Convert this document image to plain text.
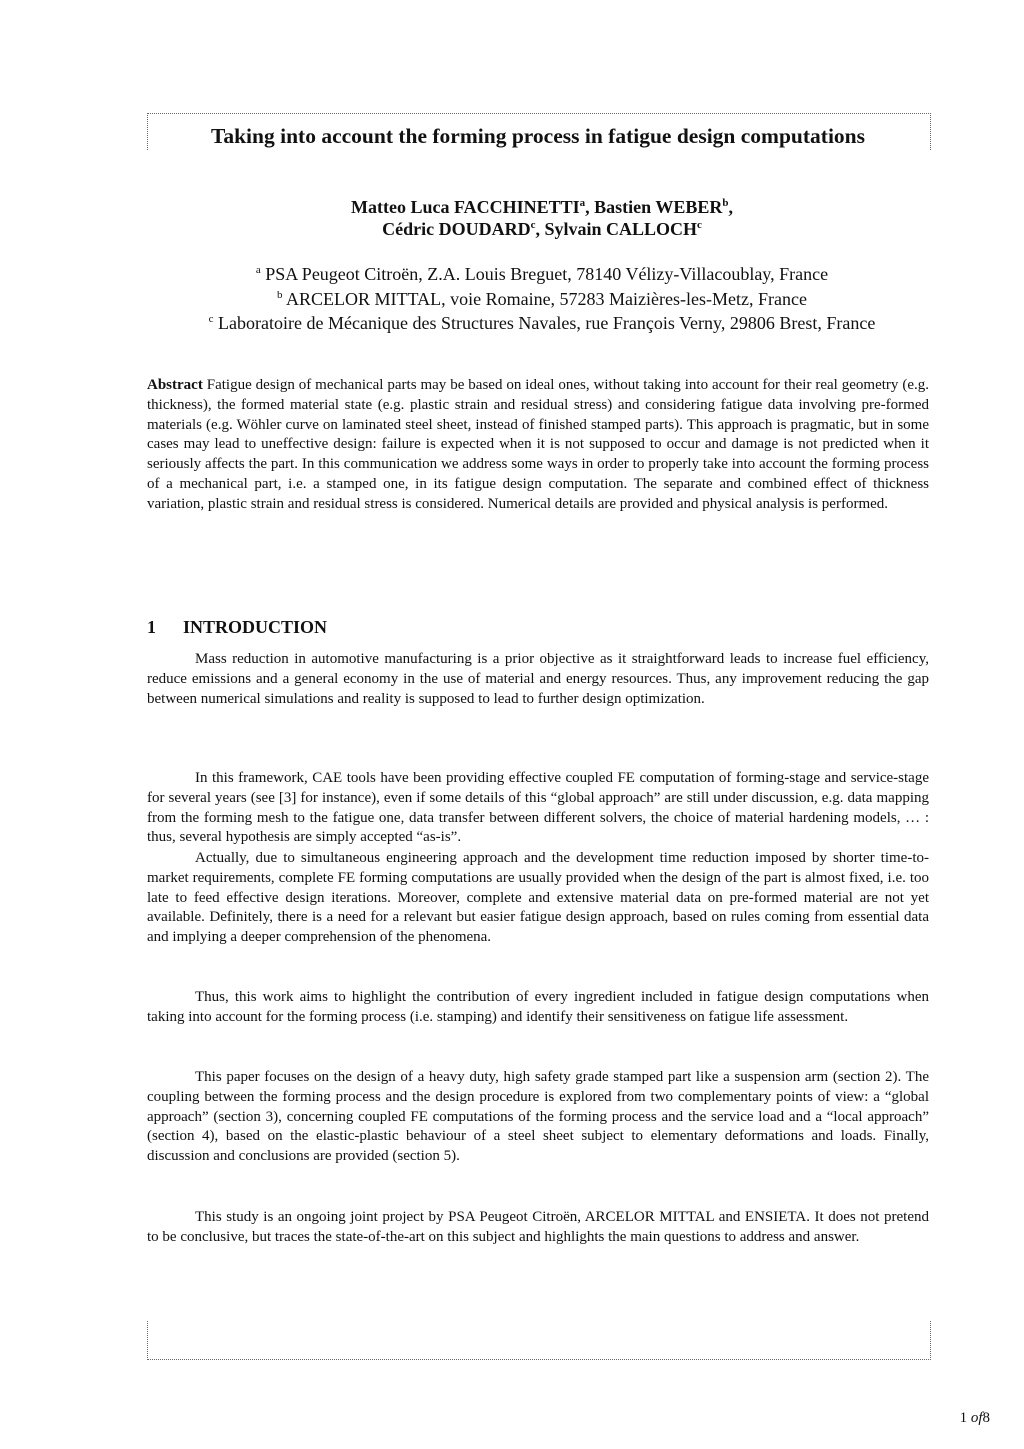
Taking into account the forming process in fatigue design computations
Matteo Luca FACCHINETTI$^a$, Bastien WEBER$^b$,
Cédric DOUDARD$^c$, Sylvain CALLOCH$^c$
$^a$ PSA Peugeot Citroën, Z.A. Louis Breguet, 78140 Vélizy-Villacoublay, France
$^b$ ARCELOR MITTAL, voie Romaine, 57283 Maizières-les-Metz, France
$^c$ Laboratoire de Mécanique des Structures Navales, rue François Verny, 29806 Brest, France

Abstract Fatigue design of mechanical parts may be based on ideal ones, without taking into account for their real geometry (e.g. thickness), the formed material state (e.g. plastic strain and residual stress) and considering fatigue data involving pre-formed materials (e.g. Wöhler curve on laminated steel sheet, instead of finished stamped parts). This approach is pragmatic, but in some cases may lead to uneffective design: failure is expected when it is not supposed to occur and damage is not predicted when it seriously affects the part. In this communication we address some ways in order to properly take into account the forming process of a mechanical part, i.e. a stamped one, in its fatigue design computation. The separate and combined effect of thickness variation, plastic strain and residual stress is considered. Numerical details are provided and physical analysis is performed.

1 INTRODUCTION

Mass reduction in automotive manufacturing is a prior objective as it straightforward leads to increase fuel efficiency, reduce emissions and a general economy in the use of material and energy resources. Thus, any improvement reducing the gap between numerical simulations and reality is supposed to lead to further design optimization.

In this framework, CAE tools have been providing effective coupled FE computation of forming-stage and service-stage for several years (see [3] for instance), even if some details of this “global approach” are still under discussion, e.g. data mapping from the forming mesh to the fatigue one, data transfer between different solvers, the choice of material hardening models, … : thus, several hypothesis are simply accepted “as-is”.

Actually, due to simultaneous engineering approach and the development time reduction imposed by shorter time-to-market requirements, complete FE forming computations are usually provided when the design of the part is almost fixed, i.e. too late to feed effective design iterations. Moreover, complete and extensive material data on pre-formed material are not yet available. Definitely, there is a need for a relevant but easier fatigue design approach, based on rules coming from essential data and implying a deeper comprehension of the phenomena.

Thus, this work aims to highlight the contribution of every ingredient included in fatigue design computations when taking into account for the forming process (i.e. stamping) and identify their sensitiveness on fatigue life assessment.

This paper focuses on the design of a heavy duty, high safety grade stamped part like a suspension arm (section 2). The coupling between the forming process and the design procedure is explored from two complementary points of view: a “global approach” (section 3), concerning coupled FE computations of the forming process and the service load and a “local approach” (section 4), based on the elastic-plastic behaviour of a steel sheet subject to elementary deformations and loads. Finally, discussion and conclusions are provided (section 5).

This study is an ongoing joint project by PSA Peugeot Citroën, ARCELOR MITTAL and ENSIETA. It does not pretend to be conclusive, but traces the state-of-the-art on this subject and highlights the main questions to address and answer.

1 of8
